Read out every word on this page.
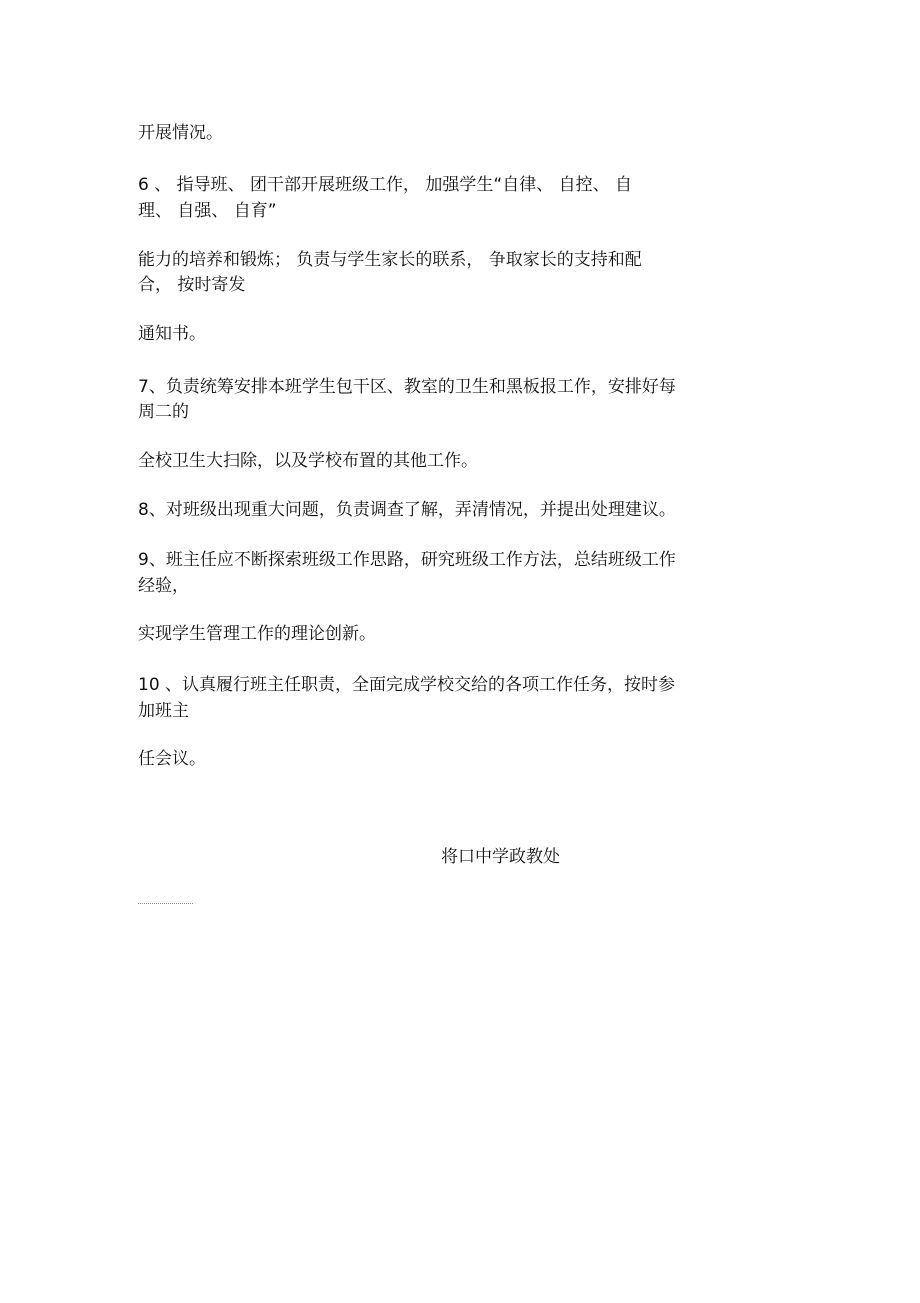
开展情况。
6 、 指导班、 团干部开展班级工作， 加强学生“自律、 自控、 自
理、 自强、 自育”
能力的培养和锻炼； 负责与学生家长的联系， 争取家长的支持和配
合， 按时寄发
通知书。
7、负责统筹安排本班学生包干区、教室的卫生和黑板报工作，安排好每
周二的
全校卫生大扫除，以及学校布置的其他工作。
8、对班级出现重大问题，负责调查了解，弄清情况，并提出处理建议。
9、班主任应不断探索班级工作思路，研究班级工作方法，总结班级工作
经验，
实现学生管理工作的理论创新。
10 、认真履行班主任职责，全面完成学校交给的各项工作任务，按时参
加班主
任会议。
将口中学政教处
